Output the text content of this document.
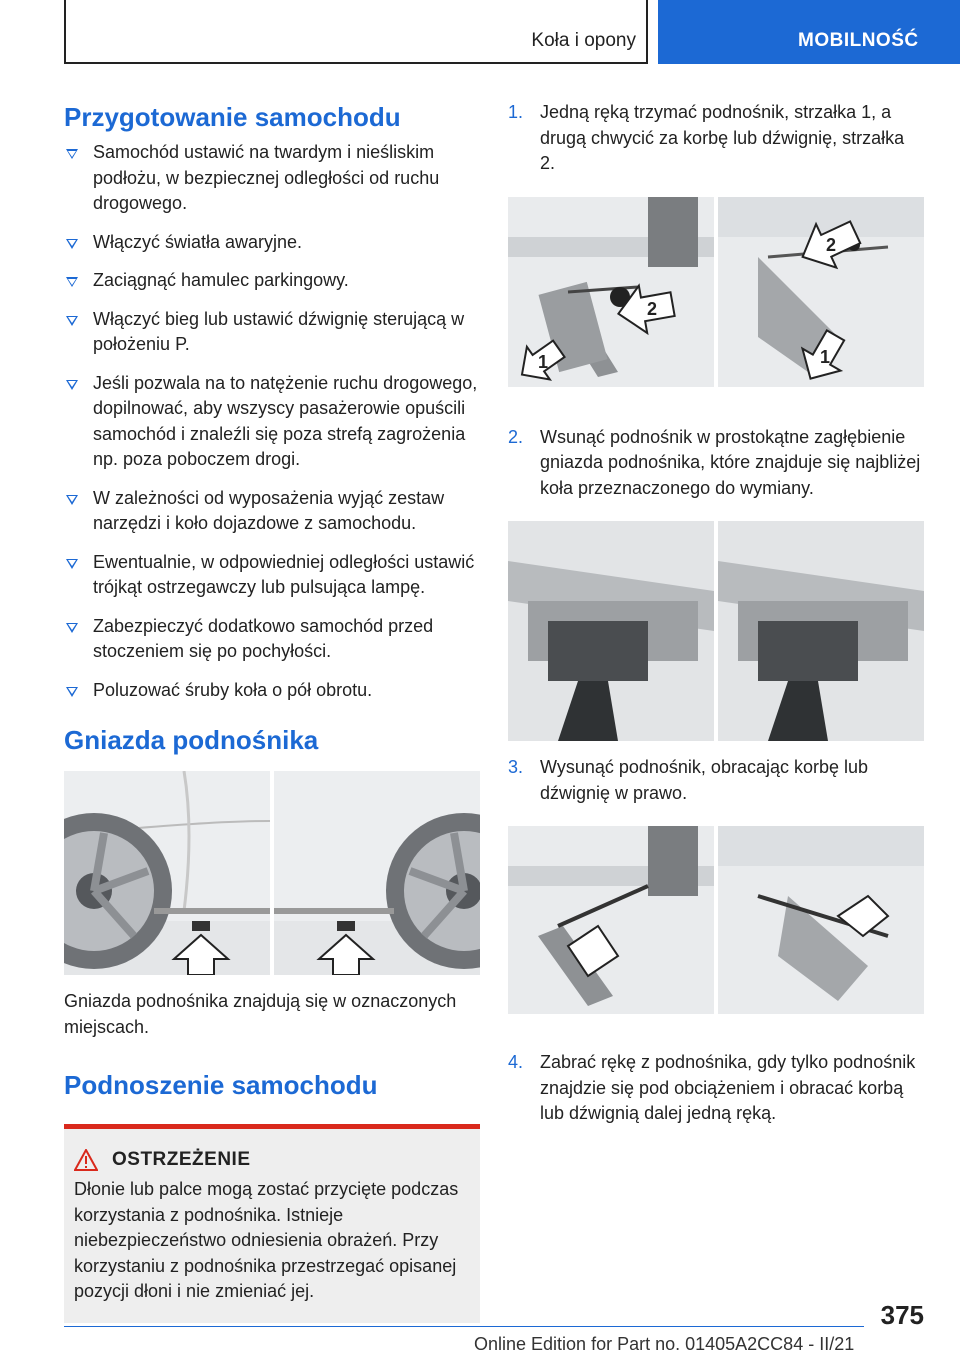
Koła i opony	MOBILNOŚĆ
Przygotowanie samochodu
Samochód ustawić na twardym i nieśliskim podłożu, w bezpiecznej odległości od ruchu drogowego.
Włączyć światła awaryjne.
Zaciągnąć hamulec parkingowy.
Włączyć bieg lub ustawić dźwignię sterującą w położeniu P.
Jeśli pozwala na to natężenie ruchu drogowego, dopilnować, aby wszyscy pasażerowie opuścili samochód i znaleźli się poza strefą zagrożenia np. poza poboczem drogi.
W zależności od wyposażenia wyjąć zestaw narzędzi i koło dojazdowe z samochodu.
Ewentualnie, w odpowiedniej odległości ustawić trójkąt ostrzegawczy lub pulsująca lampę.
Zabezpieczyć dodatkowo samochód przed stoczeniem się po pochyłości.
Poluzować śruby koła o pół obrotu.
Gniazda podnośnika

Gniazda podnośnika znajdują się w oznaczonych miejscach.

Podnoszenie samochodu
OSTRZEŻENIE
Dłonie lub palce mogą zostać przycięte podczas korzystania z podnośnika. Istnieje niebezpieczeństwo odniesienia obrażeń. Przy korzystaniu z podnośnika przestrzegać opisanej pozycji dłoni i nie zmieniać jej.
1. Jedną ręką trzymać podnośnik, strzałka 1, a drugą chwycić za korbę lub dźwignię, strzałka 2.
1
2
2
1
2. Wsunąć podnośnik w prostokątne zagłębienie gniazda podnośnika, które znajduje się najbliżej koła przeznaczonego do wymiany.
3. Wysunąć podnośnik, obracając korbę lub dźwignię w prawo.
4. Zabrać rękę z podnośnika, gdy tylko podnośnik znajdzie się pod obciążeniem i obracać korbą lub dźwignią dalej jedną ręką.
375
Online Edition for Part no. 01405A2CC84 - II/21
